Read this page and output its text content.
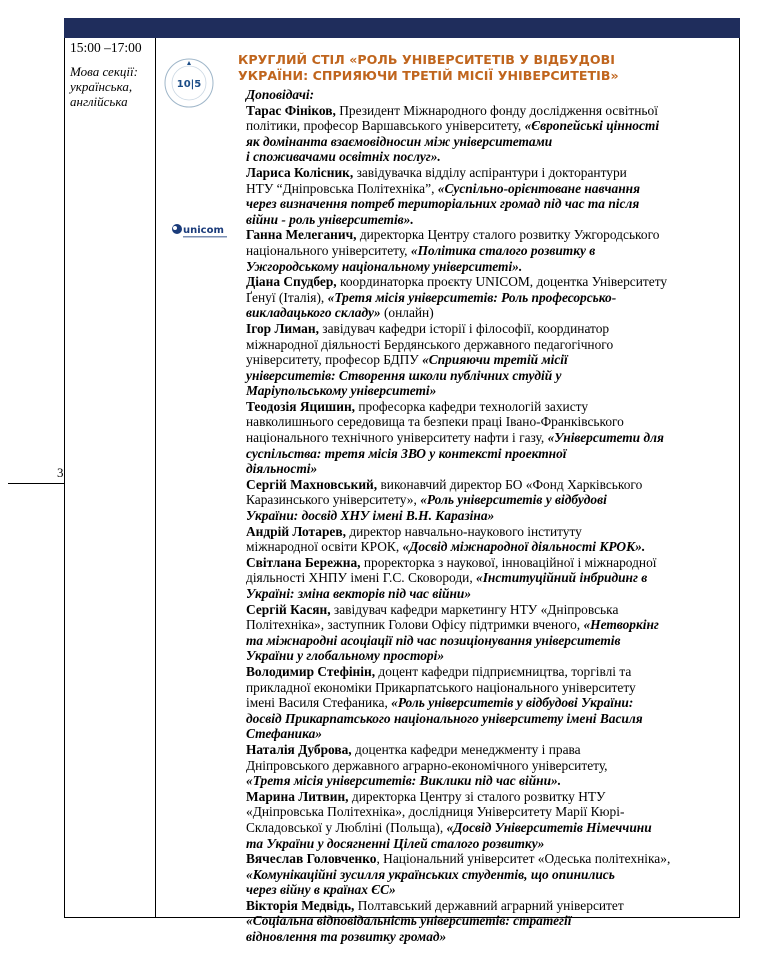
15:00 –17:00
Мова секції:
українська,
англійська
3
10|5
unicom
КРУГЛИЙ СТІЛ «РОЛЬ УНІВЕРСИТЕТІВ У ВІДБУДОВІ
УКРАЇНИ: СПРИЯЮЧИ ТРЕТІЙ МІСІЇ УНІВЕРСИТЕТІВ»

Доповідачі:

Тарас Фініков, Президент Міжнародного фонду дослідження освітньої
політики, професор Варшавського університету, «Європейські цінності
як домінанта взаємовідносин між університетами
і споживачами освітніх послуг».

Лариса Колісник, завідувачка відділу аспірантури і докторантури
НТУ “Дніпровська Політехніка”, «Суспільно-орієнтоване навчання
через визначення потреб територіальних громад під час та після
війни - роль університетів».

Ганна Мелеганич, директорка Центру сталого розвитку Ужгородського
національного університету, «Політика сталого розвитку в
Ужгородському національному університеті».

Діана Спудбер, координаторка проєкту UNICOM, доцентка Університету
Ґенуї (Італія), «Третя місія університетів: Роль професорсько-
викладацького складу» (онлайн)

Ігор Лиман, завідувач кафедри історії і філософії, координатор
міжнародної діяльності Бердянського державного педагогічного
університету, професор БДПУ «Сприяючи третій місії
університетів: Створення школи публічних студій у
Маріупольському університеті»

Теодозія Яцишин, професорка кафедри технологій захисту
навколишнього середовища та безпеки праці Івано-Франківського
національного технічного університету нафти і газу, «Університети для
суспільства: третя місія ЗВО у контексті проектної
діяльності»

Сергій Махновський, виконавчий директор БО «Фонд Харківського
Каразинського університету», «Роль університетів у відбудові
України: досвід ХНУ імені В.Н. Каразіна»

Андрій Лотарев, директор навчально-наукового інституту
міжнародної освіти КРОК, «Досвід міжнародної діяльності КРОК».

Світлана Бережна, проректорка з наукової, інноваційної і міжнародної
діяльності ХНПУ імені Г.С. Сковороди, «Інституційний інбридинг в
Україні: зміна векторів під час війни»

Сергій Касян, завідувач кафедри маркетингу НТУ «Дніпровська
Політехніка», заступник Голови Офісу підтримки вченого, «Нетворкінг
та міжнародні асоціації під час позиціонування університетів
України у глобальному просторі»

Володимир Стефінін, доцент кафедри підприємництва, торгівлі та
прикладної економіки Прикарпатського національного університету
імені Василя Стефаника, «Роль університетів у відбудові України:
досвід Прикарпатського національного університету імені Василя
Стефаника»

Наталія Дуброва, доцентка кафедри менеджменту і права
Дніпровського державного аграрно-економічного університету,
«Третя місія університетів: Виклики під час війни».

Марина Литвин, директорка Центру зі сталого розвитку НТУ
«Дніпровська Політехніка», дослідниця Університету Марії Кюрі-
Складовської у Любліні (Польща), «Досвід Університетів Німеччини
та України у досягненні Цілей сталого розвитку»

Вячеслав Головченко, Національний університет «Одеська політехніка»,
«Комунікаційні зусилля українських студентів, що опинились
через війну в країнах ЄС»

Вікторія Медвідь, Полтавський державний аграрний університет
«Соціальна відповідальність університетів: стратегії
відновлення та розвитку громад»
